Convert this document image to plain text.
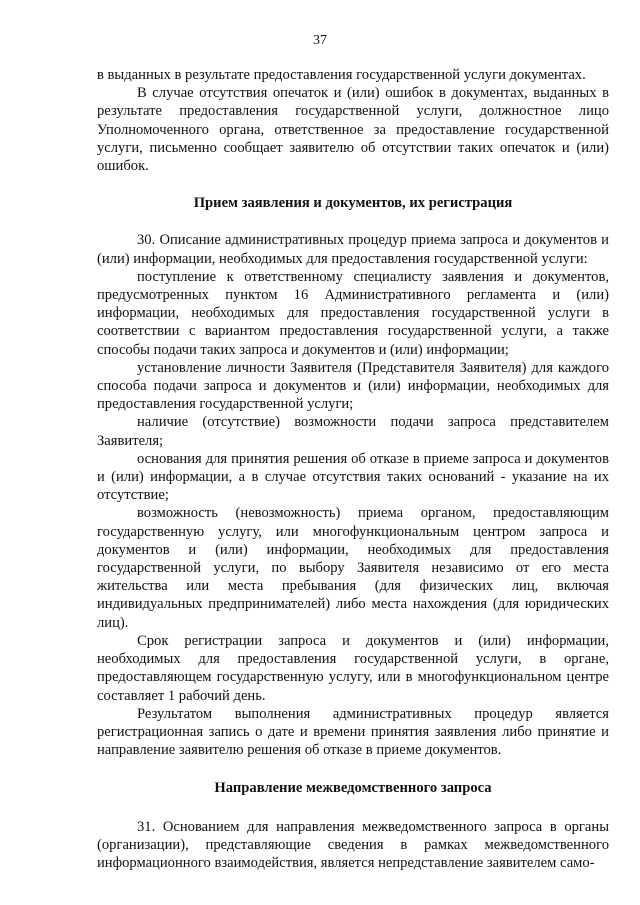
37

в выданных в результате предоставления государственной услуги документах.

В случае отсутствия опечаток и (или) ошибок в документах, выданных в результате предоставления государственной услуги, должностное лицо Уполномоченного органа, ответственное за предоставление государственной услуги, письменно сообщает заявителю об отсутствии таких опечаток и (или) ошибок.

Прием заявления и документов, их регистрация

30. Описание административных процедур приема запроса и документов и (или) информации, необходимых для предоставления государственной услуги:

поступление к ответственному специалисту заявления и документов, предусмотренных пунктом 16 Административного регламента и (или) информации, необходимых для предоставления государственной услуги в соответствии с вариантом предоставления государственной услуги, а также способы подачи таких запроса и документов и (или) информации;

установление личности Заявителя (Представителя Заявителя) для каждого способа подачи запроса и документов и (или) информации, необходимых для предоставления государственной услуги;

наличие (отсутствие) возможности подачи запроса представителем Заявителя;

основания для принятия решения об отказе в приеме запроса и документов и (или) информации, а в случае отсутствия таких оснований - указание на их отсутствие;

возможность (невозможность) приема органом, предоставляющим государственную услугу, или многофункциональным центром запроса и документов и (или) информации, необходимых для предоставления государственной услуги, по выбору Заявителя независимо от его места жительства или места пребывания (для физических лиц, включая индивидуальных предпринимателей) либо места нахождения (для юридических лиц).

Срок регистрации запроса и документов и (или) информации, необходимых для предоставления государственной услуги, в органе, предоставляющем государственную услугу, или в многофункциональном центре составляет 1 рабочий день.

Результатом выполнения административных процедур является регистрационная запись о дате и времени принятия заявления либо принятие и направление заявителю решения об отказе в приеме документов.

Направление межведомственного запроса

31. Основанием для направления межведомственного запроса в органы (организации), представляющие сведения в рамках межведомственного информационного взаимодействия, является непредставление заявителем само-
